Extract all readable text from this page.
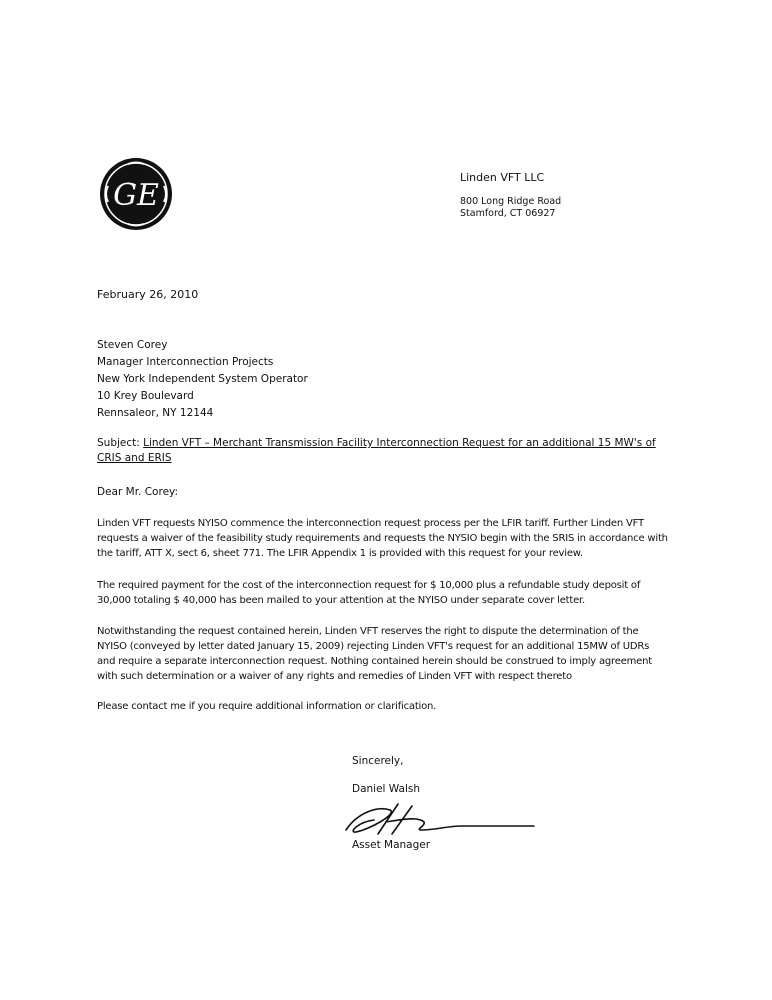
GE
Linden VFT LLC
800 Long Ridge Road
Stamford, CT 06927
February 26, 2010
Steven Corey
Manager Interconnection Projects
New York Independent System Operator
10 Krey Boulevard
Rennsaleor, NY 12144
Subject: Linden VFT – Merchant Transmission Facility Interconnection Request for an additional 15 MW's of CRIS and ERIS
Dear Mr. Corey:
Linden VFT requests NYISO commence the interconnection request process per the LFIR tariff. Further Linden VFT requests a waiver of the feasibility study requirements and requests the NYSIO begin with the SRIS in accordance with the tariff, ATT X, sect 6, sheet 771. The LFIR Appendix 1 is provided with this request for your review.
The required payment for the cost of the interconnection request for $ 10,000 plus a refundable study deposit of 30,000 totaling $ 40,000 has been mailed to your attention at the NYISO under separate cover letter.
Notwithstanding the request contained herein, Linden VFT reserves the right to dispute the determination of the NYISO (conveyed by letter dated January 15, 2009) rejecting Linden VFT's request for an additional 15MW of UDRs and require a separate interconnection request. Nothing contained herein should be construed to imply agreement with such determination or a waiver of any rights and remedies of Linden VFT with respect thereto
Please contact me if you require additional information or clarification.
Sincerely,
Daniel Walsh
Asset Manager
